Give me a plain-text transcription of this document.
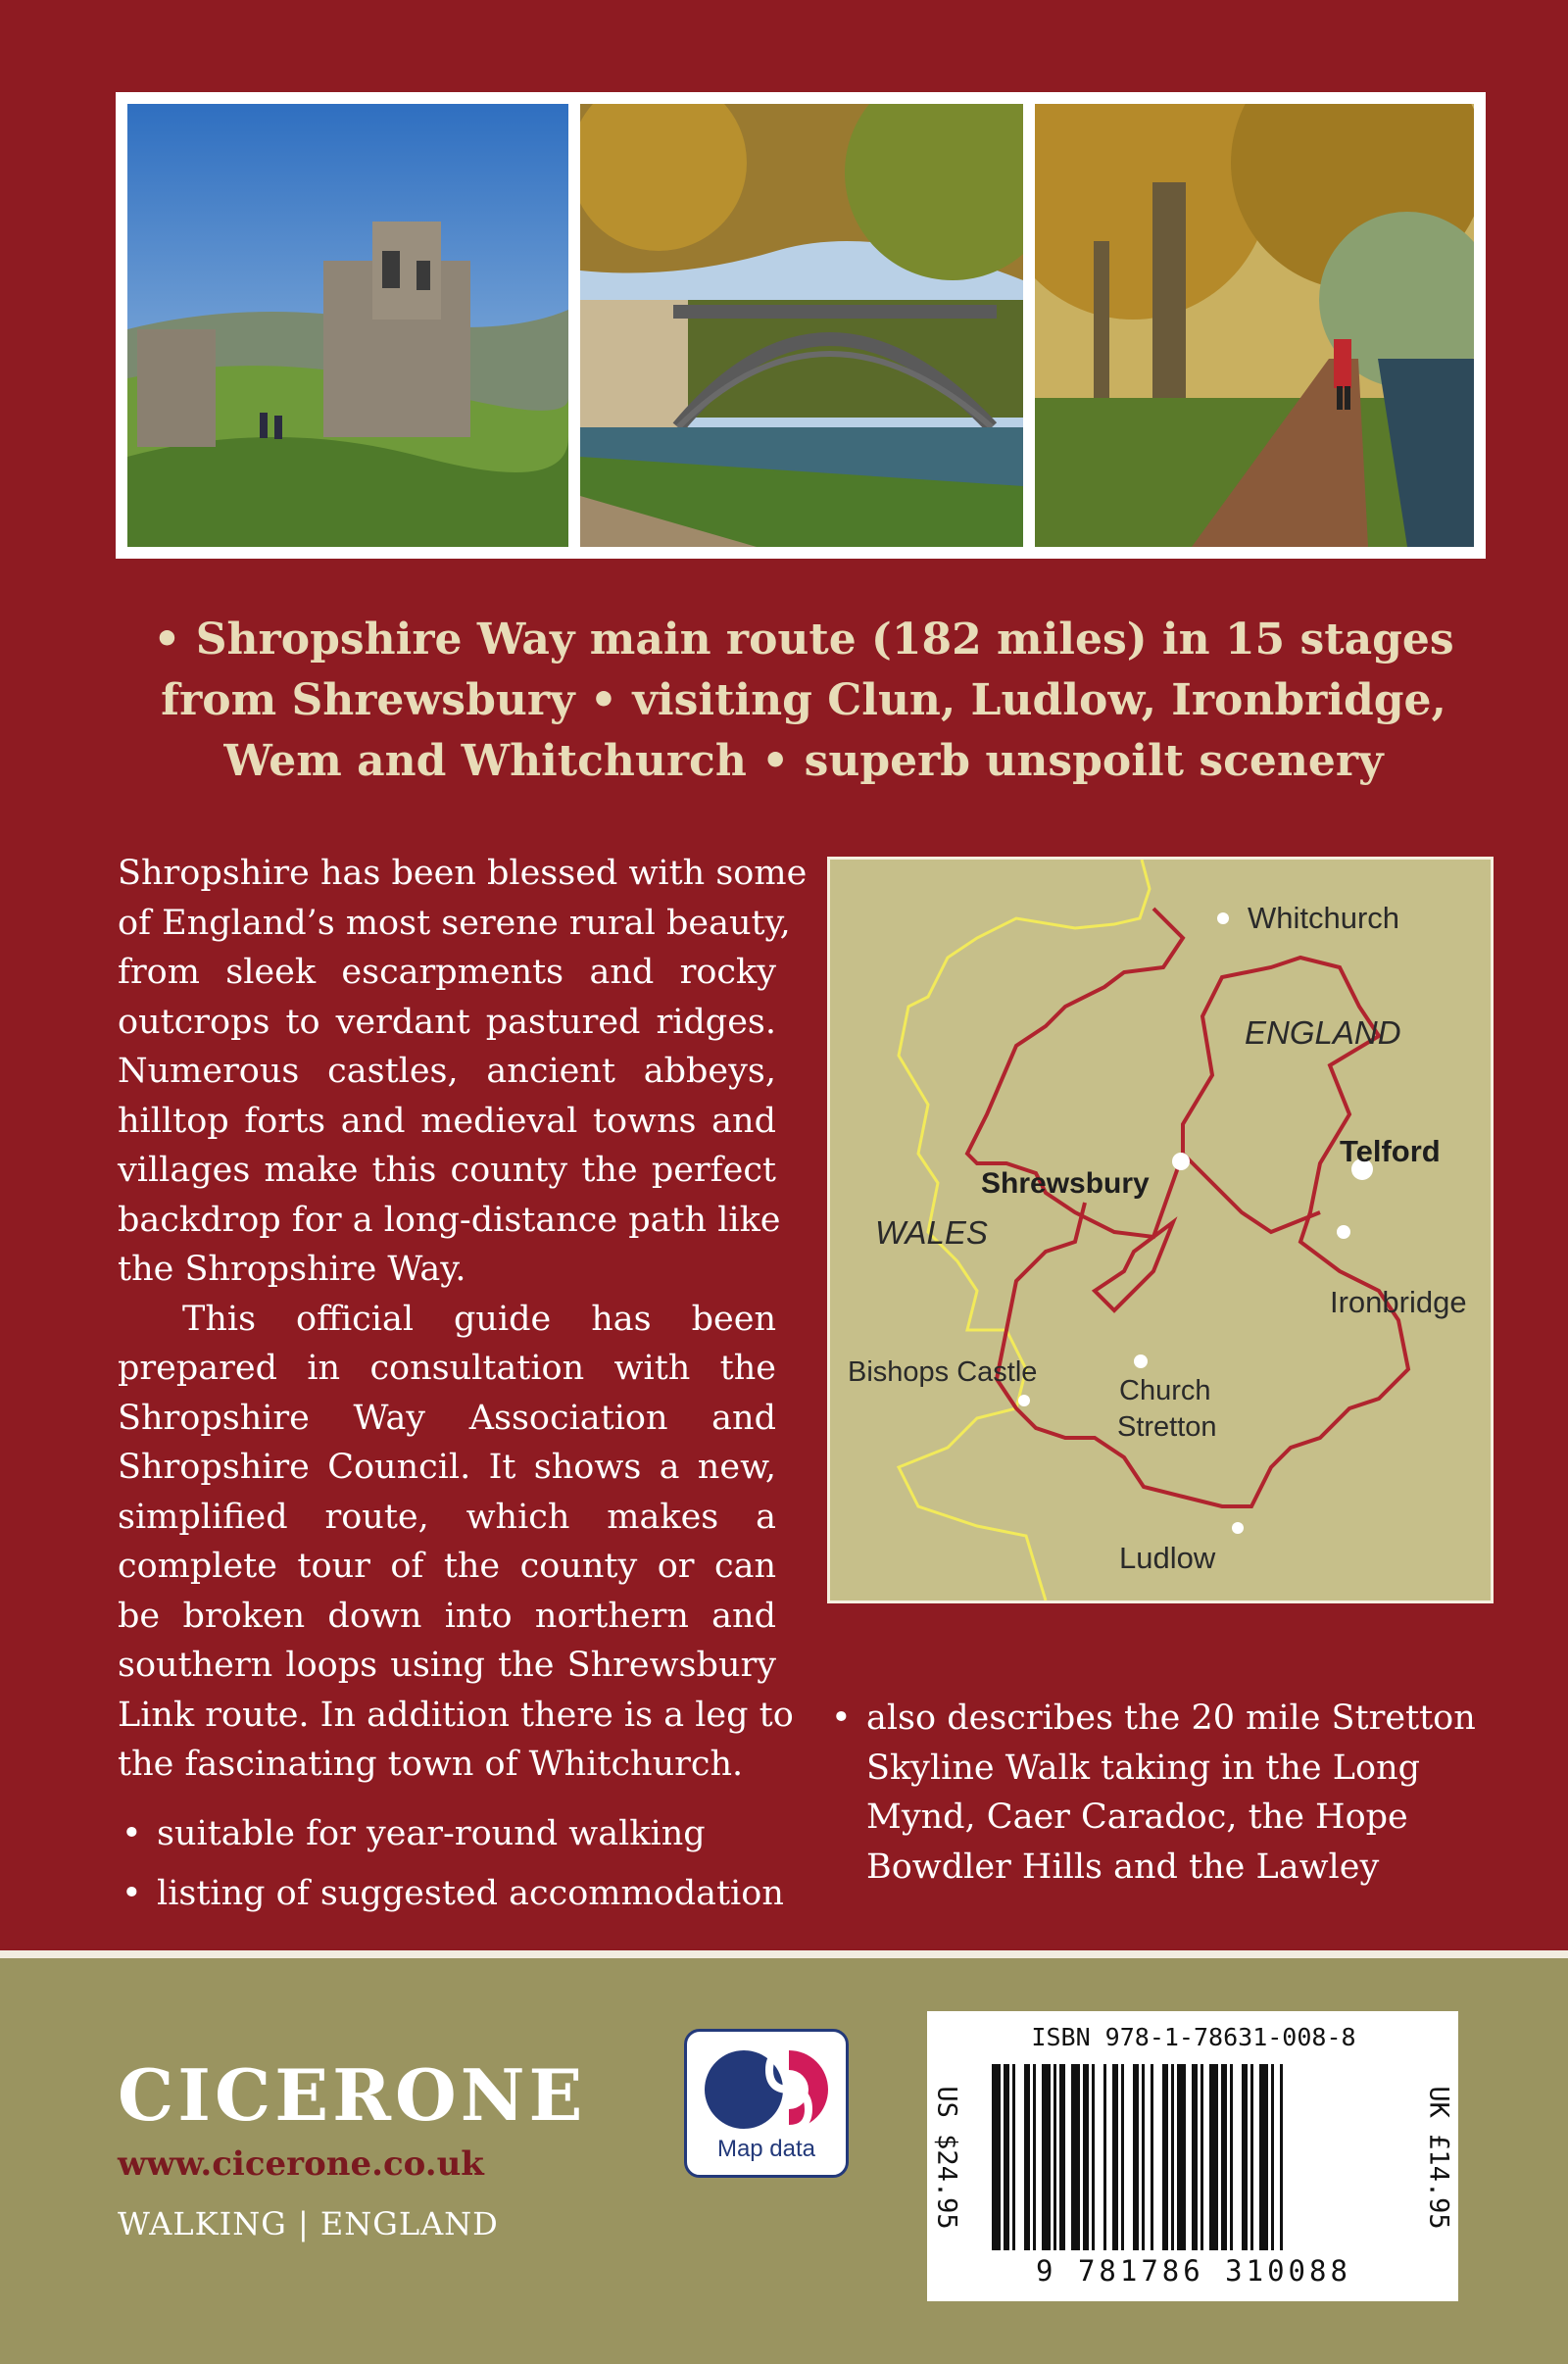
• Shropshire Way main route (182 miles) in 15 stages
from Shrewsbury • visiting Clun, Ludlow, Ironbridge,
Wem and Whitchurch • superb unspoilt scenery
Shropshire has been blessed with some
of England’s most serene rural beauty,
from sleek escarpments and rocky
outcrops to verdant pastured ridges.
Numerous castles, ancient abbeys,
hilltop forts and medieval towns and
villages make this county the perfect
backdrop for a long-distance path like
the Shropshire Way.
This official guide has been
prepared in consultation with the
Shropshire Way Association and
Shropshire Council. It shows a new,
simplified route, which makes a
complete tour of the county or can
be broken down into northern and
southern loops using the Shrewsbury
Link route. In addition there is a leg to
the fascinating town of Whitchurch.
• suitable for year-round walking
• listing of suggested accommodation
• also describes the 20 mile Stretton
Skyline Walk taking in the Long
Mynd, Caer Caradoc, the Hope
Bowdler Hills and the Lawley
Whitchurch
ENGLAND
Shrewsbury
Telford
WALES
Ironbridge
Bishops Castle
Church
Stretton
Ludlow
CICERONE
www.cicerone.co.uk
WALKING | ENGLAND
Map data
ISBN 978-1-78631-008-8
9 781786 310088
US $24.95	UK £14.95
